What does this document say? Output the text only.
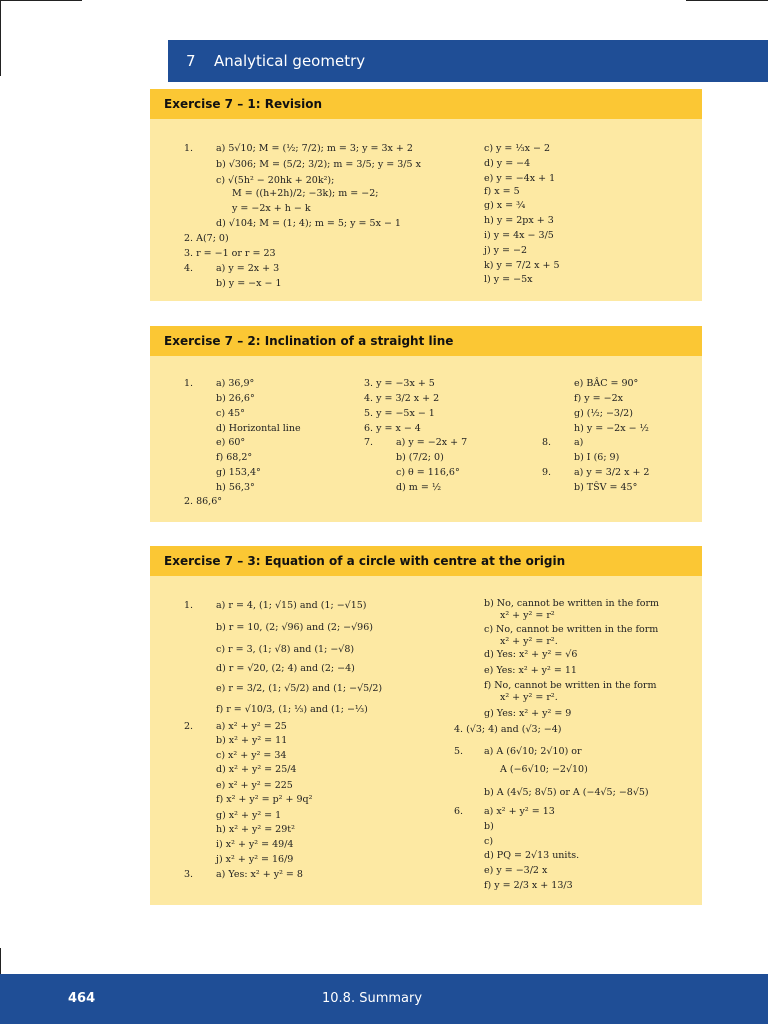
7	Analytical geometry
Exercise 7 – 1: Revision
1. a) 5√10; M = (½; 7/2); m = 3; y = 3x + 2
b) √306; M = (5/2; 3/2); m = 3/5; y = 3/5 x
c) √(5h² − 20hk + 20k²);
M = ((h+2h)/2; −3k); m = −2;
y = −2x + h − k
d) √104; M = (1; 4); m = 5; y = 5x − 1
2. A(7; 0)
3. r = −1 or r = 23
4. a) y = 2x + 3
b) y = −x − 1
c) y = ⅓x − 2
d) y = −4
e) y = −4x + 1
f) x = 5
g) x = ¾
h) y = 2px + 3
i) y = 4x − 3/5
j) y = −2
k) y = 7/2 x + 5
l) y = −5x
Exercise 7 – 2: Inclination of a straight line
1. a) 36,9°
b) 26,6°
c) 45°
d) Horizontal line
e) 60°
f) 68,2°
g) 153,4°
h) 56,3°
2. 86,6°
3. y = −3x + 5
4. y = 3/2 x + 2
5. y = −5x − 1
6. y = x − 4
7. a) y = −2x + 7
b) (7/2; 0)
c) θ = 116,6°
d) m = ½
8.
9.
e) BÂC = 90°
f) y = −2x
g) (½; −3/2)
h) y = −2x − ½
a)
b) I (6; 9)
a) y = 3/2 x + 2
b) TŜV = 45°
Exercise 7 – 3: Equation of a circle with centre at the origin
1. a) r = 4, (1; √15) and (1; −√15)
b) r = 10, (2; √96) and (2; −√96)
c) r = 3, (1; √8) and (1; −√8)
d) r = √20, (2; 4) and (2; −4)
e) r = 3/2, (1; √5/2) and (1; −√5/2)
f) r = √10/3, (1; ⅓) and (1; −⅓)
2. a) x² + y² = 25
b) x² + y² = 11
c) x² + y² = 34
d) x² + y² = 25/4
e) x² + y² = 225
f) x² + y² = p² + 9q²
g) x² + y² = 1
h) x² + y² = 29t²
i) x² + y² = 49/4
j) x² + y² = 16/9
3. a) Yes: x² + y² = 8
b) No, cannot be written in the form
x² + y² = r²
c) No, cannot be written in the form
x² + y² = r².
d) Yes: x² + y² = √6
e) Yes: x² + y² = 11
f) No, cannot be written in the form
x² + y² = r².
g) Yes: x² + y² = 9
4. (√3; 4) and (√3; −4)
5. a) A (6√10; 2√10) or
A (−6√10; −2√10)
b) A (4√5; 8√5) or A (−4√5; −8√5)
6. a) x² + y² = 13
b)
c)
d) PQ = 2√13 units.
e) y = −3/2 x
f) y = 2/3 x + 13/3
464	10.8. Summary
